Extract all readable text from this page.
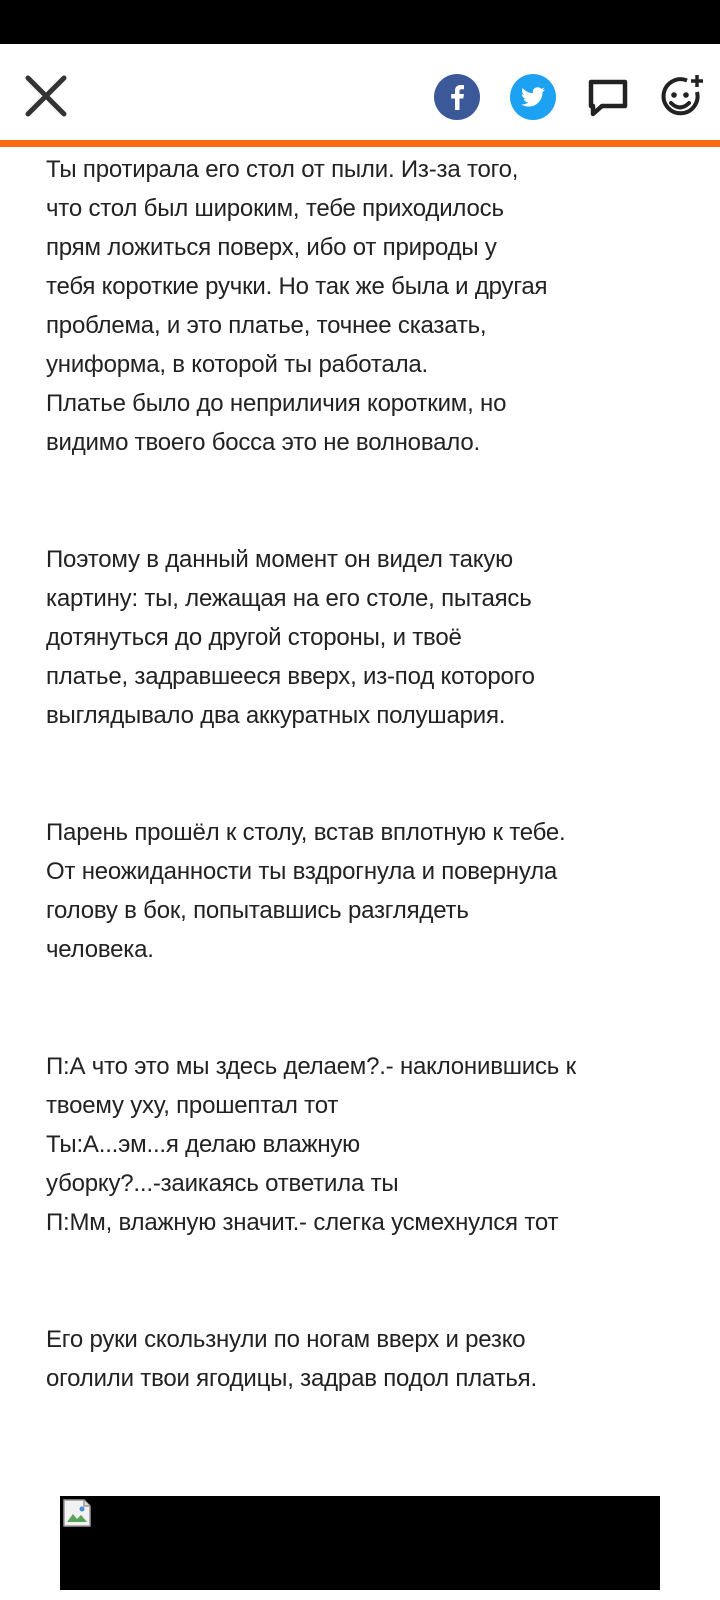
Ты протирала его стол от пыли. Из-за того,
что стол был широким, тебе приходилось
прям ложиться поверх, ибо от природы у
тебя короткие ручки. Но так же была и другая
проблема, и это платье, точнее сказать,
униформа, в которой ты работала.
Платье было до неприличия коротким, но
видимо твоего босса это не волновало.
Поэтому в данный момент он видел такую
картину: ты, лежащая на его столе, пытаясь
дотянуться до другой стороны, и твоё
платье, задравшееся вверх, из-под которого
выглядывало два аккуратных полушария.
Парень прошёл к столу, встав вплотную к тебе.
От неожиданности ты вздрогнула и повернула
голову в бок, попытавшись разглядеть
человека.
П:А что это мы здесь делаем?.- наклонившись к
твоему уху, прошептал тот
Ты:А...эм...я делаю влажную
уборку?...-заикаясь ответила ты
П:Мм, влажную значит.- слегка усмехнулся тот
Его руки скользнули по ногам вверх и резко
оголили твои ягодицы, задрав подол платья.
